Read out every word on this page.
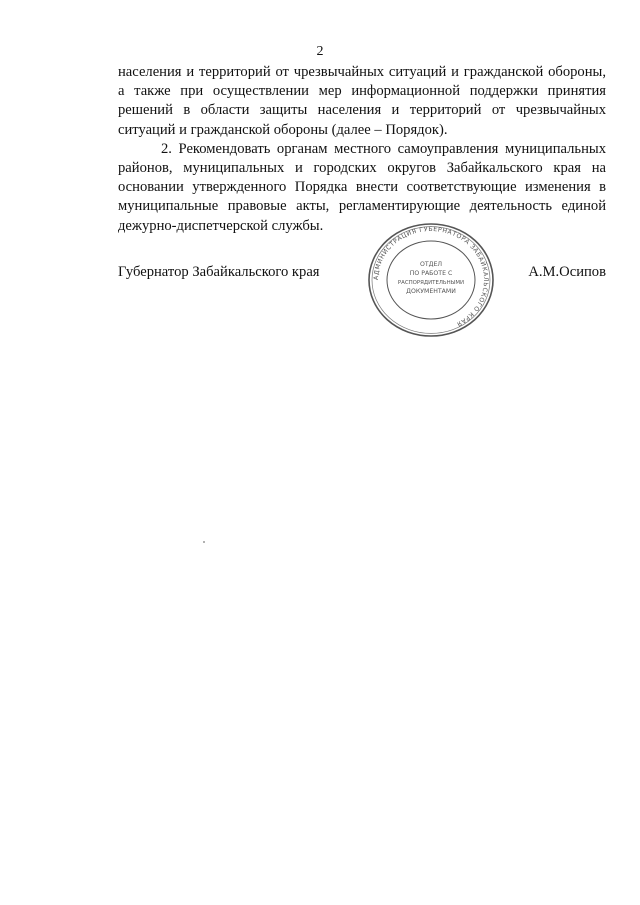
2

населения и территорий от чрезвычайных ситуаций и гражданской обороны, а также при осуществлении мер информационной поддержки принятия решений в области защиты населения и территорий от чрезвычайных ситуаций и гражданской обороны (далее – Порядок).

2. Рекомендовать органам местного самоуправления муниципальных районов, муниципальных и городских округов Забайкальского края на основании утвержденного Порядка внести соответствующие изменения в муниципальные правовые акты, регламентирующие деятельность единой дежурно-диспетчерской службы.

Губернатор Забайкальского края	А.М.Осипов
АДМИНИСТРАЦИЯ ГУБЕРНАТОРА ЗАБАЙКАЛЬСКОГО КРАЯ
ОТДЕЛ
ПО РАБОТЕ С
РАСПОРЯДИТЕЛЬНЫМИ
ДОКУМЕНТАМИ
